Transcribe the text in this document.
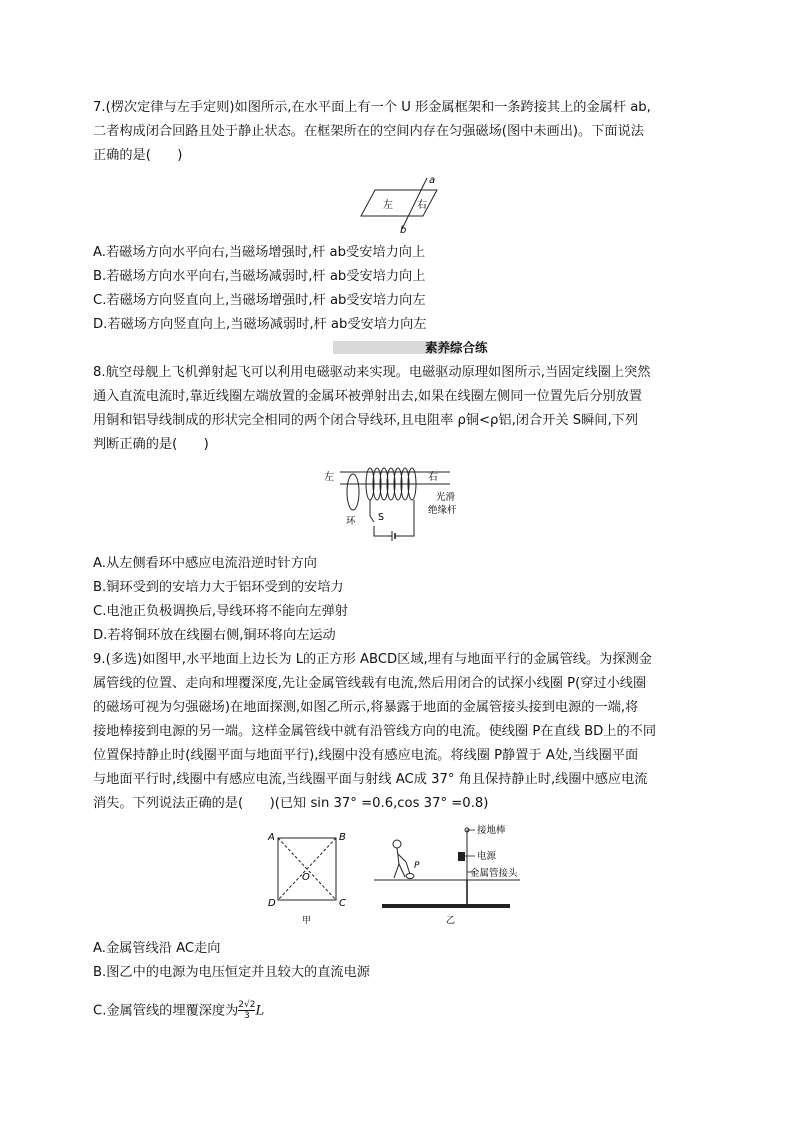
7.(楞次定律与左手定则)如图所示,在水平面上有一个 U 形金属框架和一条跨接其上的金属杆 ab,
二者构成闭合回路且处于静止状态。在框架所在的空间内存在匀强磁场(图中未画出)。下面说法
正确的是(　　)
左 右
a
b
A.若磁场方向水平向右,当磁场增强时,杆 ab受安培力向上
B.若磁场方向水平向右,当磁场减弱时,杆 ab受安培力向上
C.若磁场方向竖直向上,当磁场增强时,杆 ab受安培力向左
D.若磁场方向竖直向上,当磁场减弱时,杆 ab受安培力向左
素养综合练
8.航空母舰上飞机弹射起飞可以利用电磁驱动来实现。电磁驱动原理如图所示,当固定线圈上突然
通入直流电流时,靠近线圈左端放置的金属环被弹射出去,如果在线圈左侧同一位置先后分别放置
用铜和铝导线制成的形状完全相同的两个闭合导线环,且电阻率 ρ铜<ρ铝,闭合开关 S瞬间,下列
判断正确的是(　　)
左	右
光滑
绝缘杆
环 S
A.从左侧看环中感应电流沿逆时针方向
B.铜环受到的安培力大于铝环受到的安培力
C.电池正负极调换后,导线环将不能向左弹射
D.若将铜环放在线圈右侧,铜环将向左运动
9.(多选)如图甲,水平地面上边长为 L的正方形 ABCD区域,埋有与地面平行的金属管线。为探测金
属管线的位置、走向和埋覆深度,先让金属管线载有电流,然后用闭合的试探小线圈 P(穿过小线圈
的磁场可视为匀强磁场)在地面探测,如图乙所示,将暴露于地面的金属管接头接到电源的一端,将
接地棒接到电源的另一端。这样金属管线中就有沿管线方向的电流。使线圈 P在直线 BD上的不同
位置保持静止时(线圈平面与地面平行),线圈中没有感应电流。将线圈 P静置于 A处,当线圈平面
与地面平行时,线圈中有感应电流,当线圈平面与射线 AC成 37° 角且保持静止时,线圈中感应电流
消失。下列说法正确的是(　　)(已知 sin 37° =0.6,cos 37° =0.8)
A	B
C
D
O
甲
P
接地棒
电源
金属管接头
乙
A.金属管线沿 AC走向
B.图乙中的电源为电压恒定并且较大的直流电源
C.金属管线的埋覆深度为 $\frac{2√2}{3}$ L
